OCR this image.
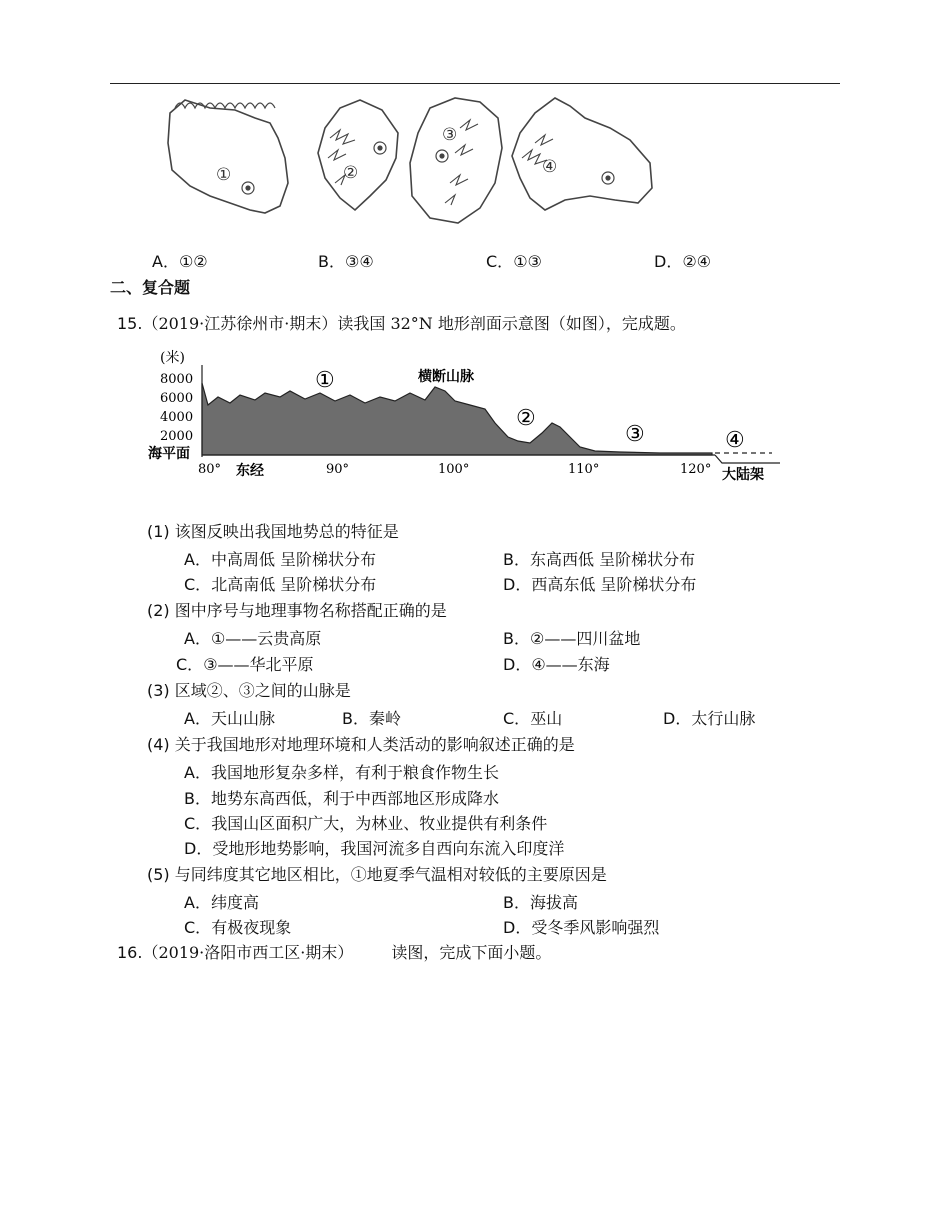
①	②
③
④
A．①②	B．③④	C．①③	D．②④
二、复合题
15.（2019·江苏徐州市·期末）读我国 32°N 地形剖面示意图（如图），完成题。
(米)
8000
6000
4000
2000
海平面
80° 东经	90°	100°	110°	120° 大陆架
横断山脉
①
②
③	④
(1) 该图反映出我国地势总的特征是
A．中高周低 呈阶梯状分布	B．东高西低 呈阶梯状分布
C．北高南低 呈阶梯状分布	D．西高东低 呈阶梯状分布
(2) 图中序号与地理事物名称搭配正确的是
A．①——云贵高原	B．②——四川盆地
C．③——华北平原	D．④——东海
(3) 区域②、③之间的山脉是
A．天山山脉	B．秦岭	C．巫山	D．太行山脉
(4) 关于我国地形对地理环境和人类活动的影响叙述正确的是
A．我国地形复杂多样，有利于粮食作物生长
B．地势东高西低，利于中西部地区形成降水
C．我国山区面积广大，为林业、牧业提供有利条件
D．受地形地势影响，我国河流多自西向东流入印度洋
(5) 与同纬度其它地区相比，①地夏季气温相对较低的主要原因是
A．纬度高	B．海拔高
C．有极夜现象	D．受冬季风影响强烈
16.（2019·洛阳市西工区·期末） 读图，完成下面小题。
